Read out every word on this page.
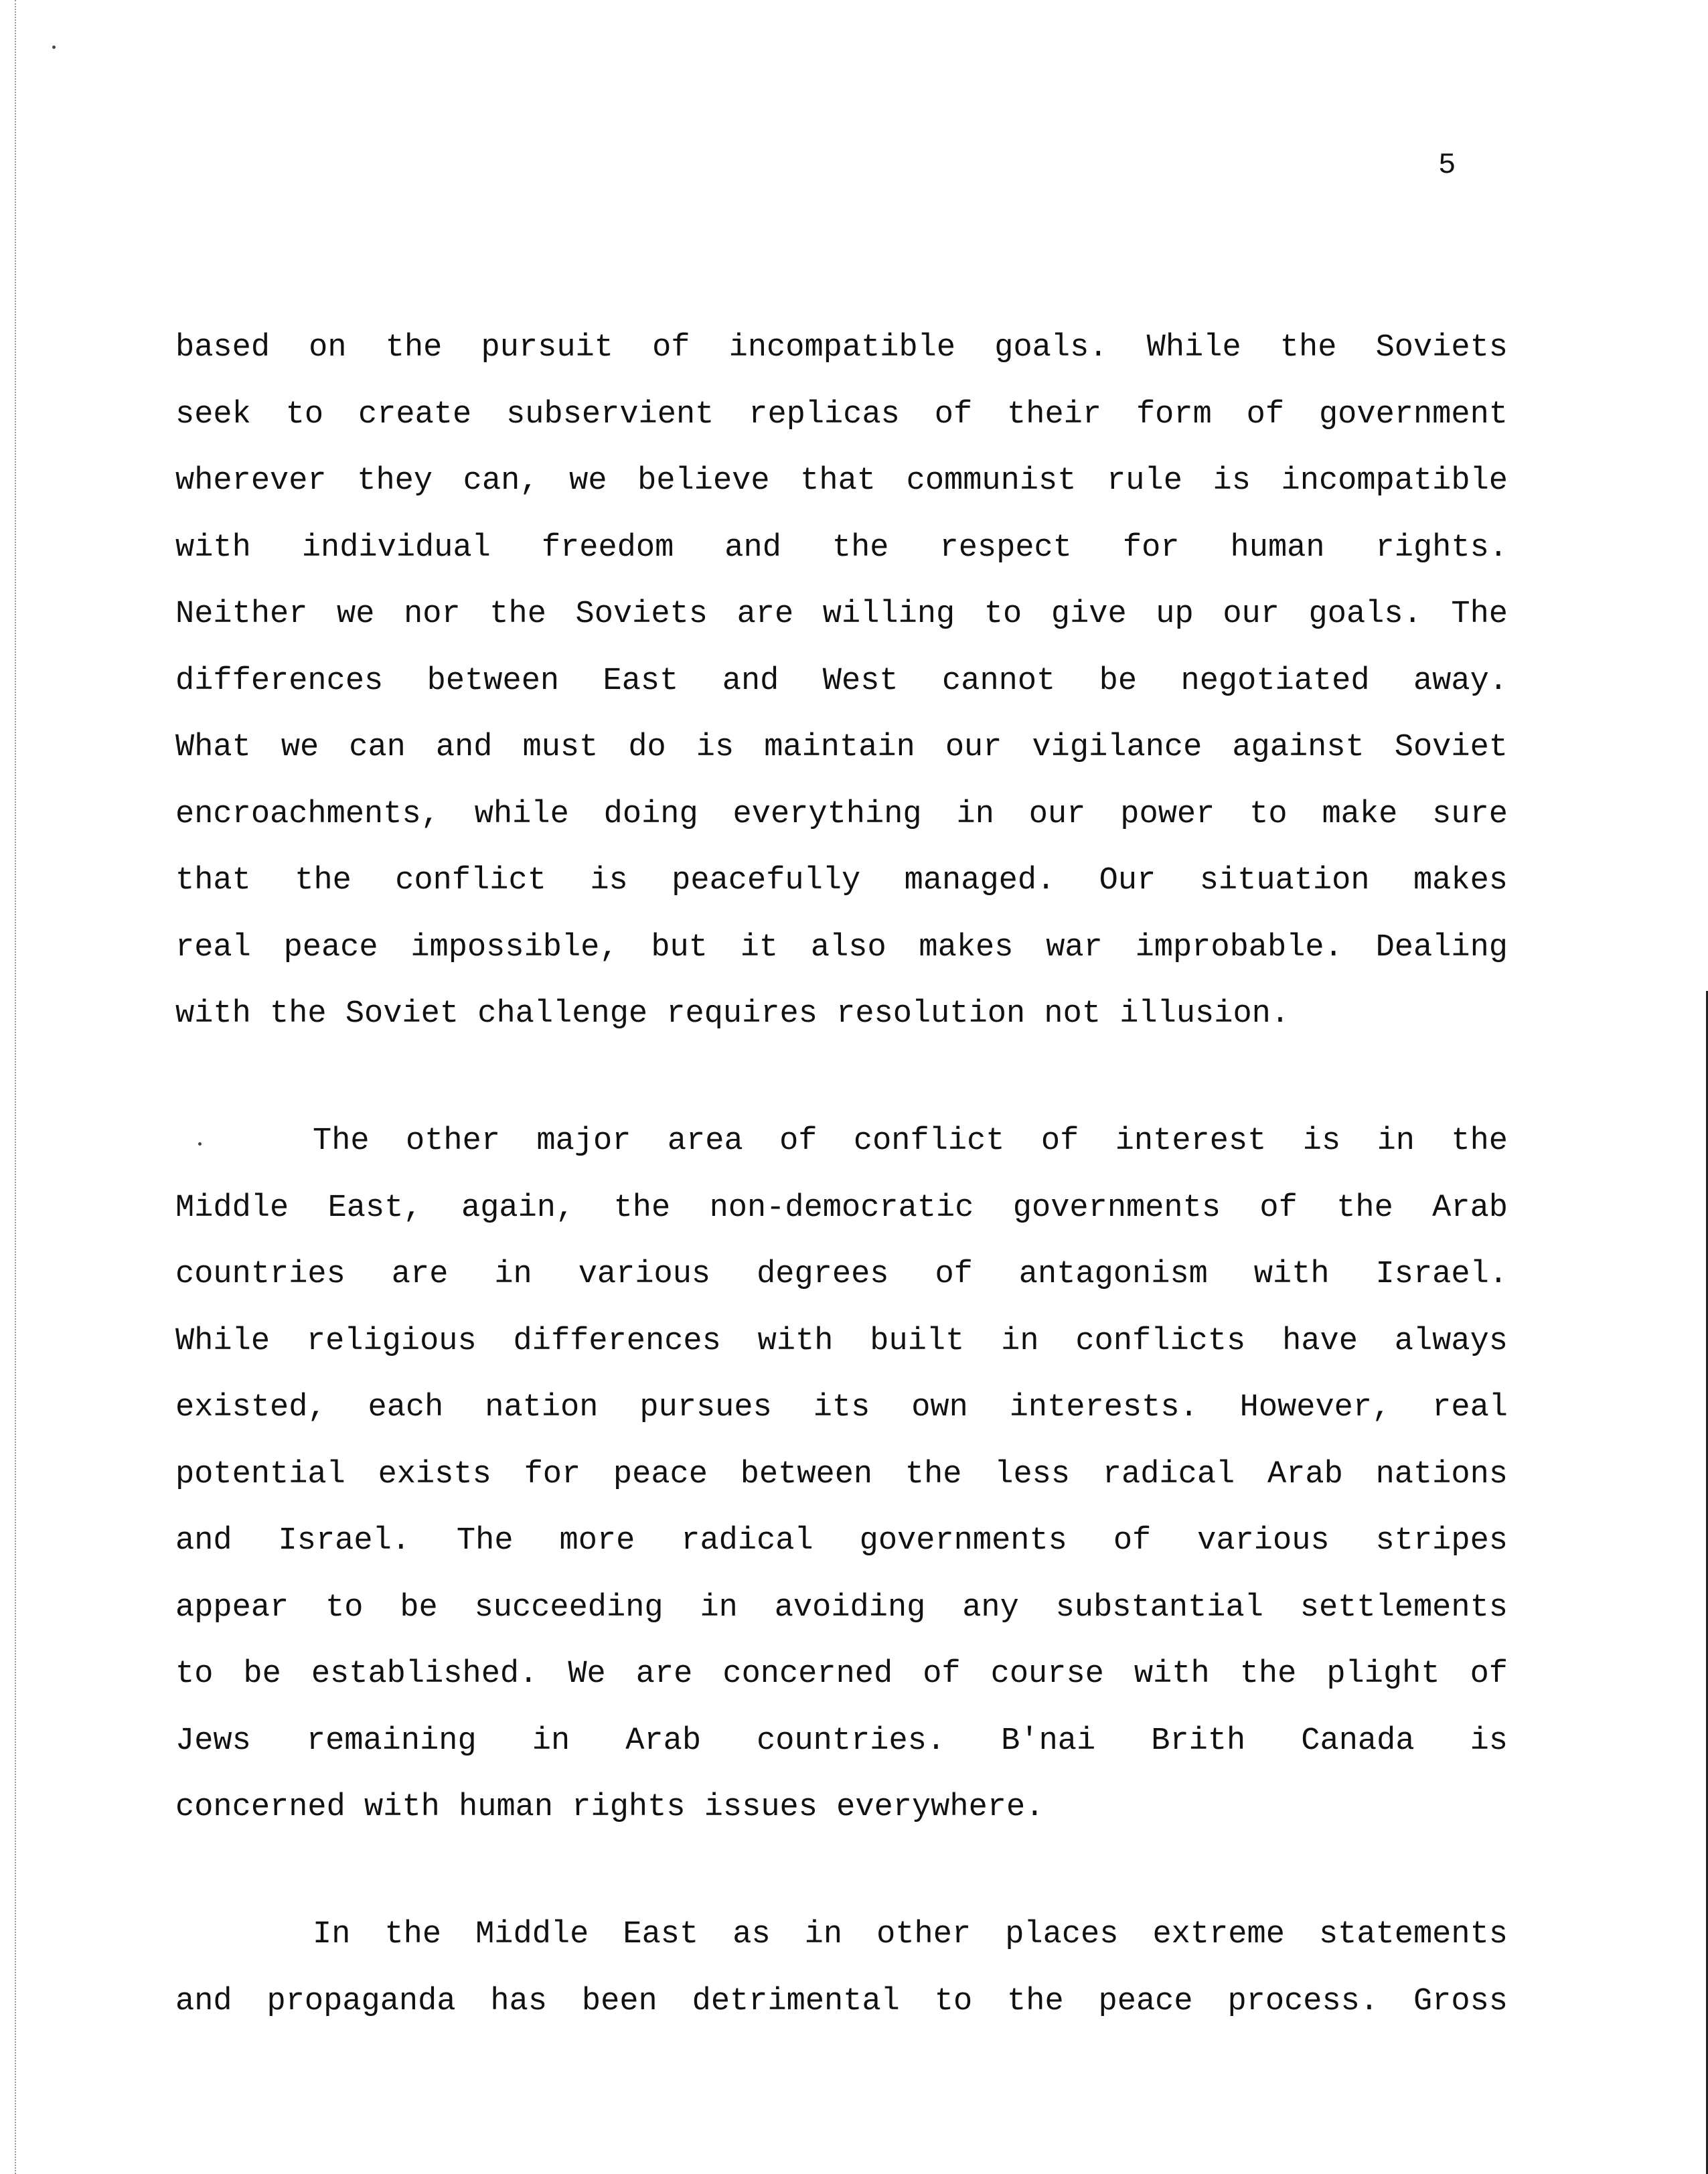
5
based on the pursuit of incompatible goals. While the Soviets
seek to create subservient replicas of their form of government
wherever they can, we believe that communist rule is incompatible
with individual freedom and the respect for human rights.
Neither we nor the Soviets are willing to give up our goals. The
differences between East and West cannot be negotiated away.
What we can and must do is maintain our vigilance against Soviet
encroachments, while doing everything in our power to make sure
that the conflict is peacefully managed. Our situation makes
real peace impossible, but it also makes war improbable. Dealing
with the Soviet challenge requires resolution not illusion.
The other major area of conflict of interest is in the
Middle East, again, the non-democratic governments of the Arab
countries are in various degrees of antagonism with Israel.
While religious differences with built in conflicts have always
existed, each nation pursues its own interests. However, real
potential exists for peace between the less radical Arab nations
and Israel. The more radical governments of various stripes
appear to be succeeding in avoiding any substantial settlements
to be established. We are concerned of course with the plight of
Jews remaining in Arab countries. B'nai Brith Canada is
concerned with human rights issues everywhere.
In the Middle East as in other places extreme statements
and propaganda has been detrimental to the peace process. Gross
